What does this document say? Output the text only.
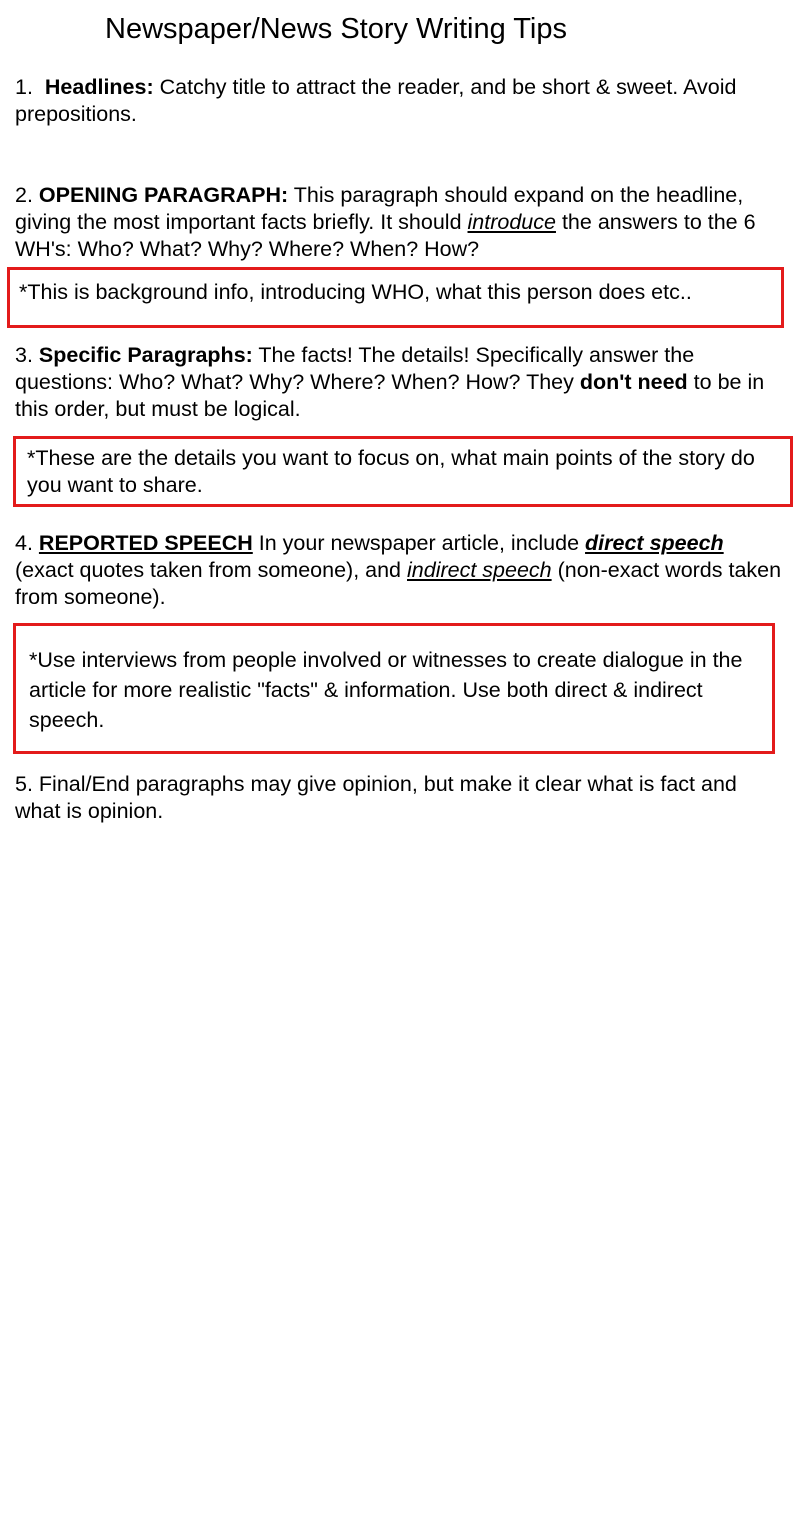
Newspaper/News Story Writing Tips
1. Headlines: Catchy title to attract the reader, and be short & sweet. Avoid prepositions.
2. OPENING PARAGRAPH: This paragraph should expand on the headline, giving the most important facts briefly. It should introduce the answers to the 6 WH's: Who? What? Why? Where? When? How?
*This is background info, introducing WHO, what this person does etc..
3. Specific Paragraphs: The facts! The details! Specifically answer the questions: Who? What? Why? Where? When? How? They don't need to be in this order, but must be logical.
*These are the details you want to focus on, what main points of the story do you want to share.
4. REPORTED SPEECH In your newspaper article, include direct speech (exact quotes taken from someone), and indirect speech (non-exact words taken from someone).
*Use interviews from people involved or witnesses to create dialogue in the article for more realistic "facts" & information. Use both direct & indirect speech.
5. Final/End paragraphs may give opinion, but make it clear what is fact and what is opinion.
